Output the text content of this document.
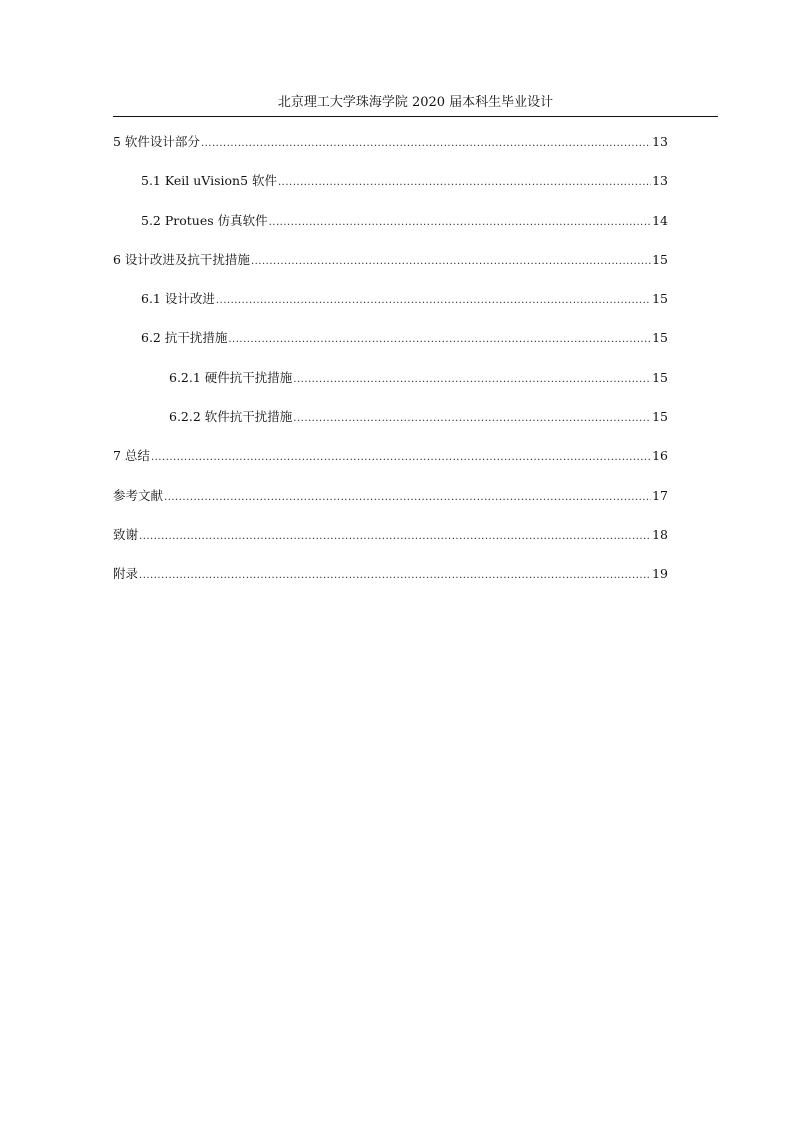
北京理工大学珠海学院 2020 届本科生毕业设计
5 软件设计部分 .....	13
5.1 Keil uVision5 软件 .....	13
5.2 Protues 仿真软件 .....	14
6 设计改进及抗干扰措施 .....	15
6.1 设计改进 .....	15
6.2 抗干扰措施 .....	15
6.2.1 硬件抗干扰措施 .....	15
6.2.2 软件抗干扰措施 .....	15
7 总结 .....	16
参考文献 .....	17
致谢 .....	18
附录 .....	19
